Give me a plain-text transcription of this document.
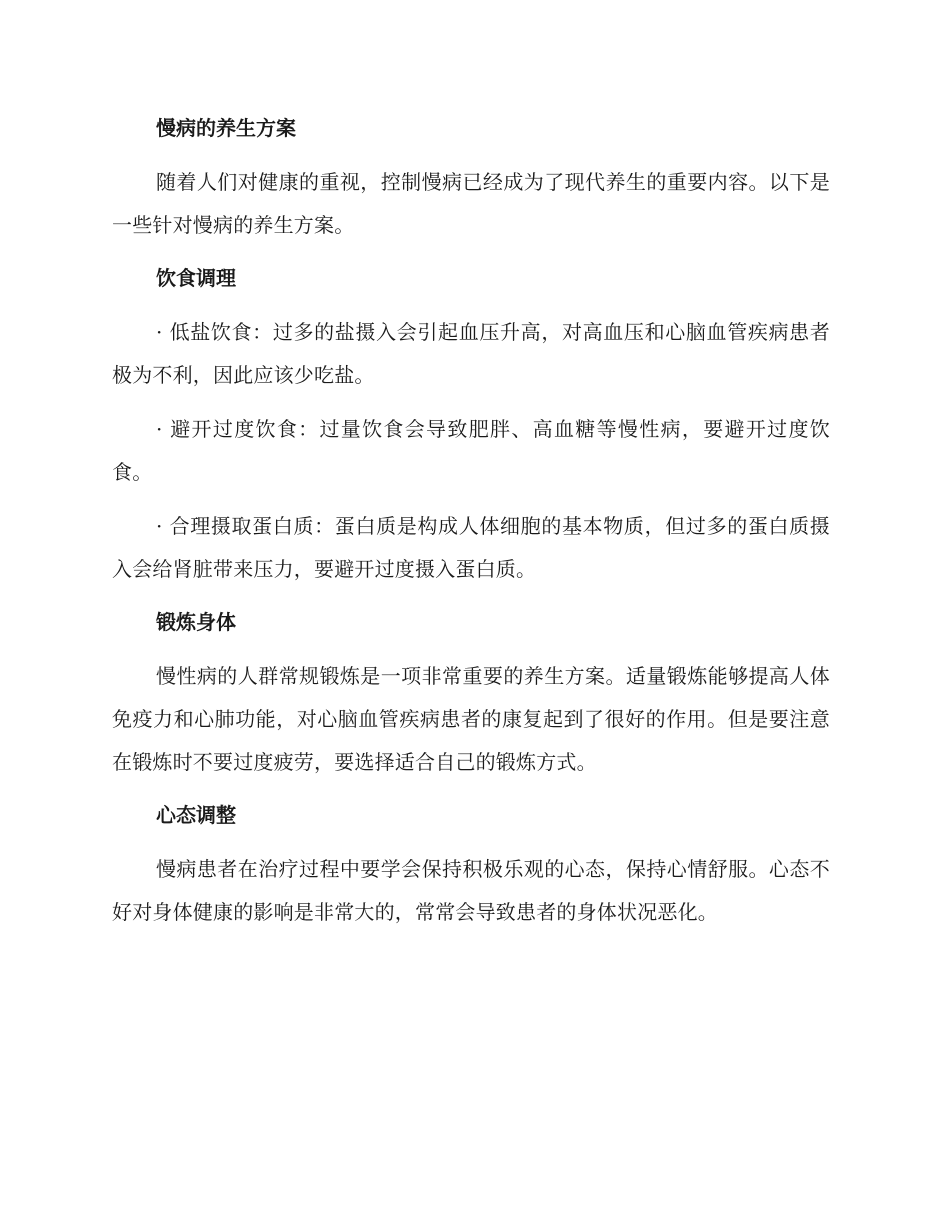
慢病的养生方案

随着人们对健康的重视，控制慢病已经成为了现代养生的重要内容。以下是一些针对慢病的养生方案。

饮食调理

· 低盐饮食：过多的盐摄入会引起血压升高，对高血压和心脑血管疾病患者极为不利，因此应该少吃盐。

· 避开过度饮食：过量饮食会导致肥胖、高血糖等慢性病，要避开过度饮食。

· 合理摄取蛋白质：蛋白质是构成人体细胞的基本物质，但过多的蛋白质摄入会给肾脏带来压力，要避开过度摄入蛋白质。

锻炼身体

慢性病的人群常规锻炼是一项非常重要的养生方案。适量锻炼能够提高人体免疫力和心肺功能，对心脑血管疾病患者的康复起到了很好的作用。但是要注意在锻炼时不要过度疲劳，要选择适合自己的锻炼方式。

心态调整

慢病患者在治疗过程中要学会保持积极乐观的心态，保持心情舒服。心态不好对身体健康的影响是非常大的，常常会导致患者的身体状况恶化。
